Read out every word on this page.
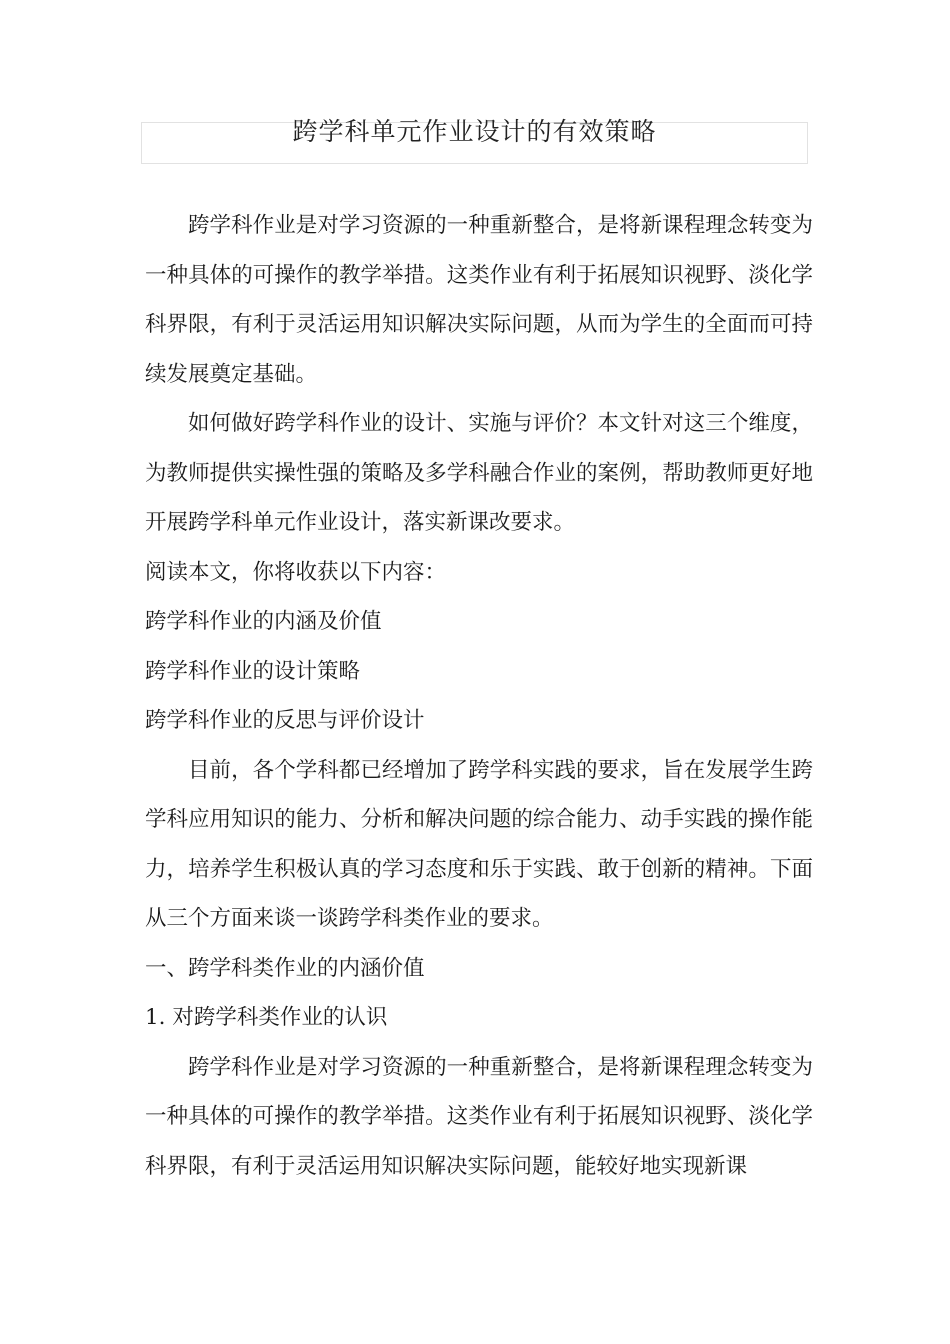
跨学科单元作业设计的有效策略

跨学科作业是对学习资源的一种重新整合，是将新课程理念转变为一种具体的可操作的教学举措。这类作业有利于拓展知识视野、淡化学科界限，有利于灵活运用知识解决实际问题，从而为学生的全面而可持续发展奠定基础。

如何做好跨学科作业的设计、实施与评价？本文针对这三个维度，为教师提供实操性强的策略及多学科融合作业的案例，帮助教师更好地开展跨学科单元作业设计，落实新课改要求。

阅读本文，你将收获以下内容：

跨学科作业的内涵及价值

跨学科作业的设计策略

跨学科作业的反思与评价设计

目前，各个学科都已经增加了跨学科实践的要求，旨在发展学生跨学科应用知识的能力、分析和解决问题的综合能力、动手实践的操作能力，培养学生积极认真的学习态度和乐于实践、敢于创新的精神。下面从三个方面来谈一谈跨学科类作业的要求。

一、跨学科类作业的内涵价值

1. 对跨学科类作业的认识

跨学科作业是对学习资源的一种重新整合，是将新课程理念转变为一种具体的可操作的教学举措。这类作业有利于拓展知识视野、淡化学科界限，有利于灵活运用知识解决实际问题，能较好地实现新课
